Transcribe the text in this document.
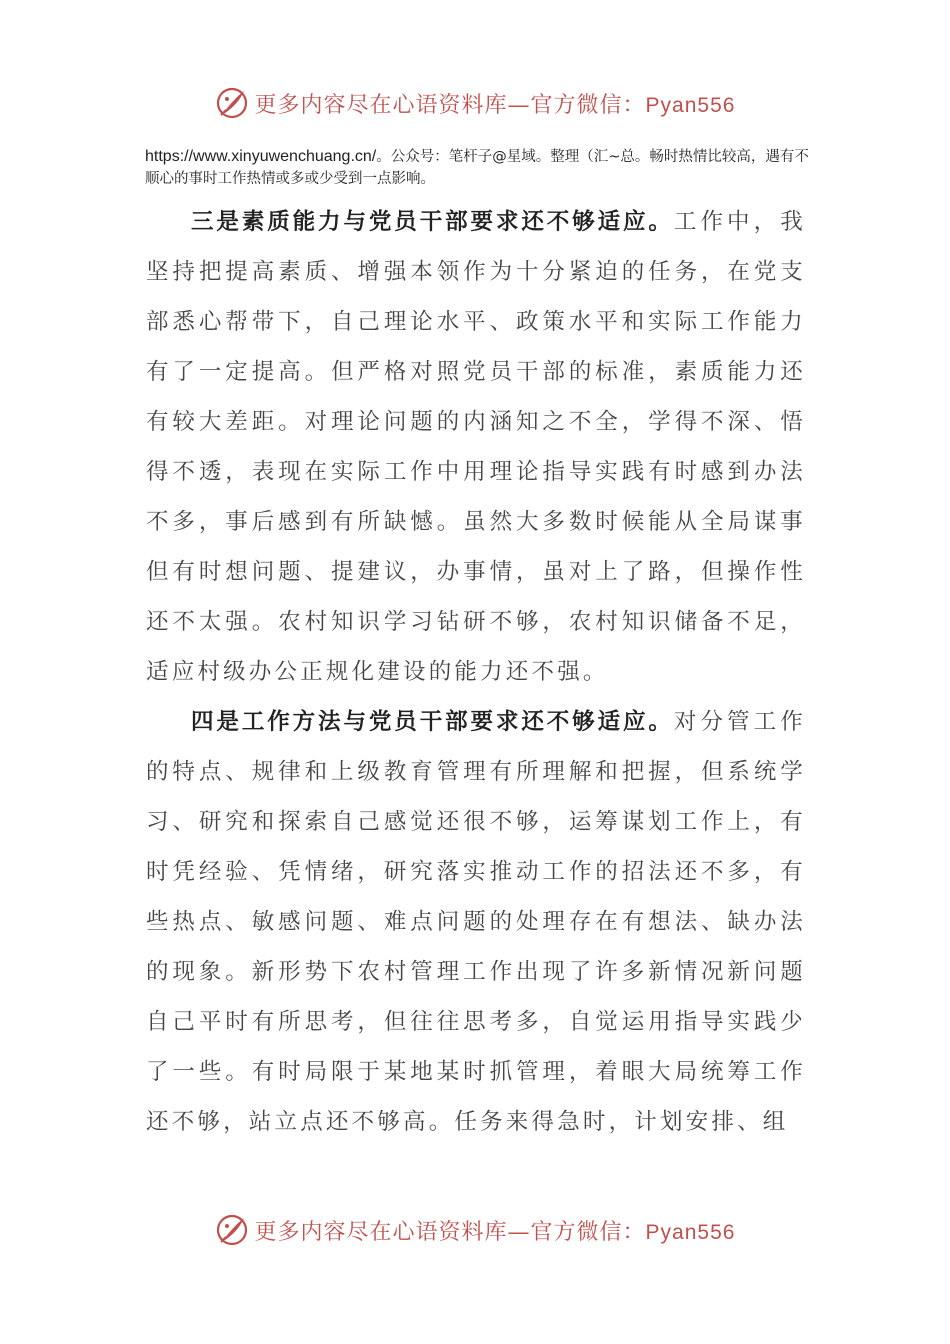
更多内容尽在心语资料库—官方微信：Pyan556
https://www.xinyuwenchuang.cn/。公众号：笔杆子@星域。整理（汇~总。畅时热情比较高，遇有不顺心的事时工作热情或多或少受到一点影响。

三是素质能力与党员干部要求还不够适应。工作中，我坚持把提高素质、增强本领作为十分紧迫的任务，在党支部悉心帮带下，自己理论水平、政策水平和实际工作能力有了一定提高。但严格对照党员干部的标准，素质能力还有较大差距。对理论问题的内涵知之不全，学得不深、悟得不透，表现在实际工作中用理论指导实践有时感到办法不多，事后感到有所缺憾。虽然大多数时候能从全局谋事但有时想问题、提建议，办事情，虽对上了路，但操作性还不太强。农村知识学习钻研不够，农村知识储备不足，适应村级办公正规化建设的能力还不强。

四是工作方法与党员干部要求还不够适应。对分管工作的特点、规律和上级教育管理有所理解和把握，但系统学习、研究和探索自己感觉还很不够，运筹谋划工作上，有时凭经验、凭情绪，研究落实推动工作的招法还不多，有些热点、敏感问题、难点问题的处理存在有想法、缺办法的现象。新形势下农村管理工作出现了许多新情况新问题自己平时有所思考，但往往思考多，自觉运用指导实践少了一些。有时局限于某地某时抓管理，着眼大局统筹工作还不够，站立点还不够高。任务来得急时，计划安排、组

更多内容尽在心语资料库—官方微信：Pyan556
